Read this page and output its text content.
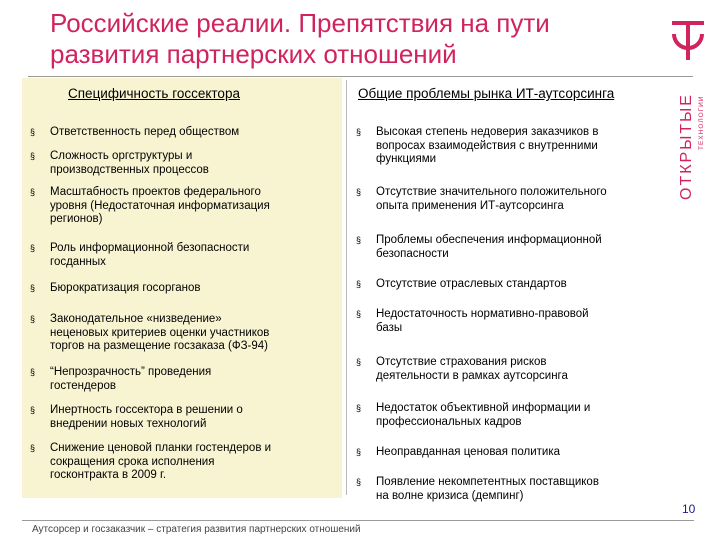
Российские реалии. Препятствия на пути
развития партнерских отношений
ОТКРЫТЫЕ ТЕХНОЛОГИИ
Специфичность госсектора	Общие проблемы рынка ИТ-аутсорсинга
§ Ответственность перед обществом
§ Сложность оргструктуры и
производственных процессов
§ Масштабность проектов федерального
уровня (Недостаточная информатизация
регионов)
§ Роль информационной безопасности
госданных
§ Бюрократизация госорганов
§ Законодательное «низведение»
неценовых критериев оценки участников
торгов на размещение госзаказа (ФЗ-94)
§ “Непрозрачность” проведения
гостендеров
§ Инертность госсектора в решении о
внедрении новых технологий
§ Снижение ценовой планки гостендеров и
сокращения срока исполнения
госконтракта в 2009 г.
§ Высокая степень недоверия заказчиков в
вопросах взаимодействия с внутренними
функциями
§ Отсутствие значительного положительного
опыта применения ИТ-аутсорсинга
§ Проблемы обеспечения информационной
безопасности
§ Отсутствие отраслевых стандартов
§ Недостаточность нормативно-правовой
базы
§ Отсутствие страхования рисков
деятельности в рамках аутсорсинга
§ Недостаток объективной информации и
профессиональных кадров
§ Неоправданная ценовая политика
§ Появление некомпетентных поставщиков
на волне кризиса (демпинг)
10
Аутсорсер и госзаказчик – стратегия развития партнерских отношений
